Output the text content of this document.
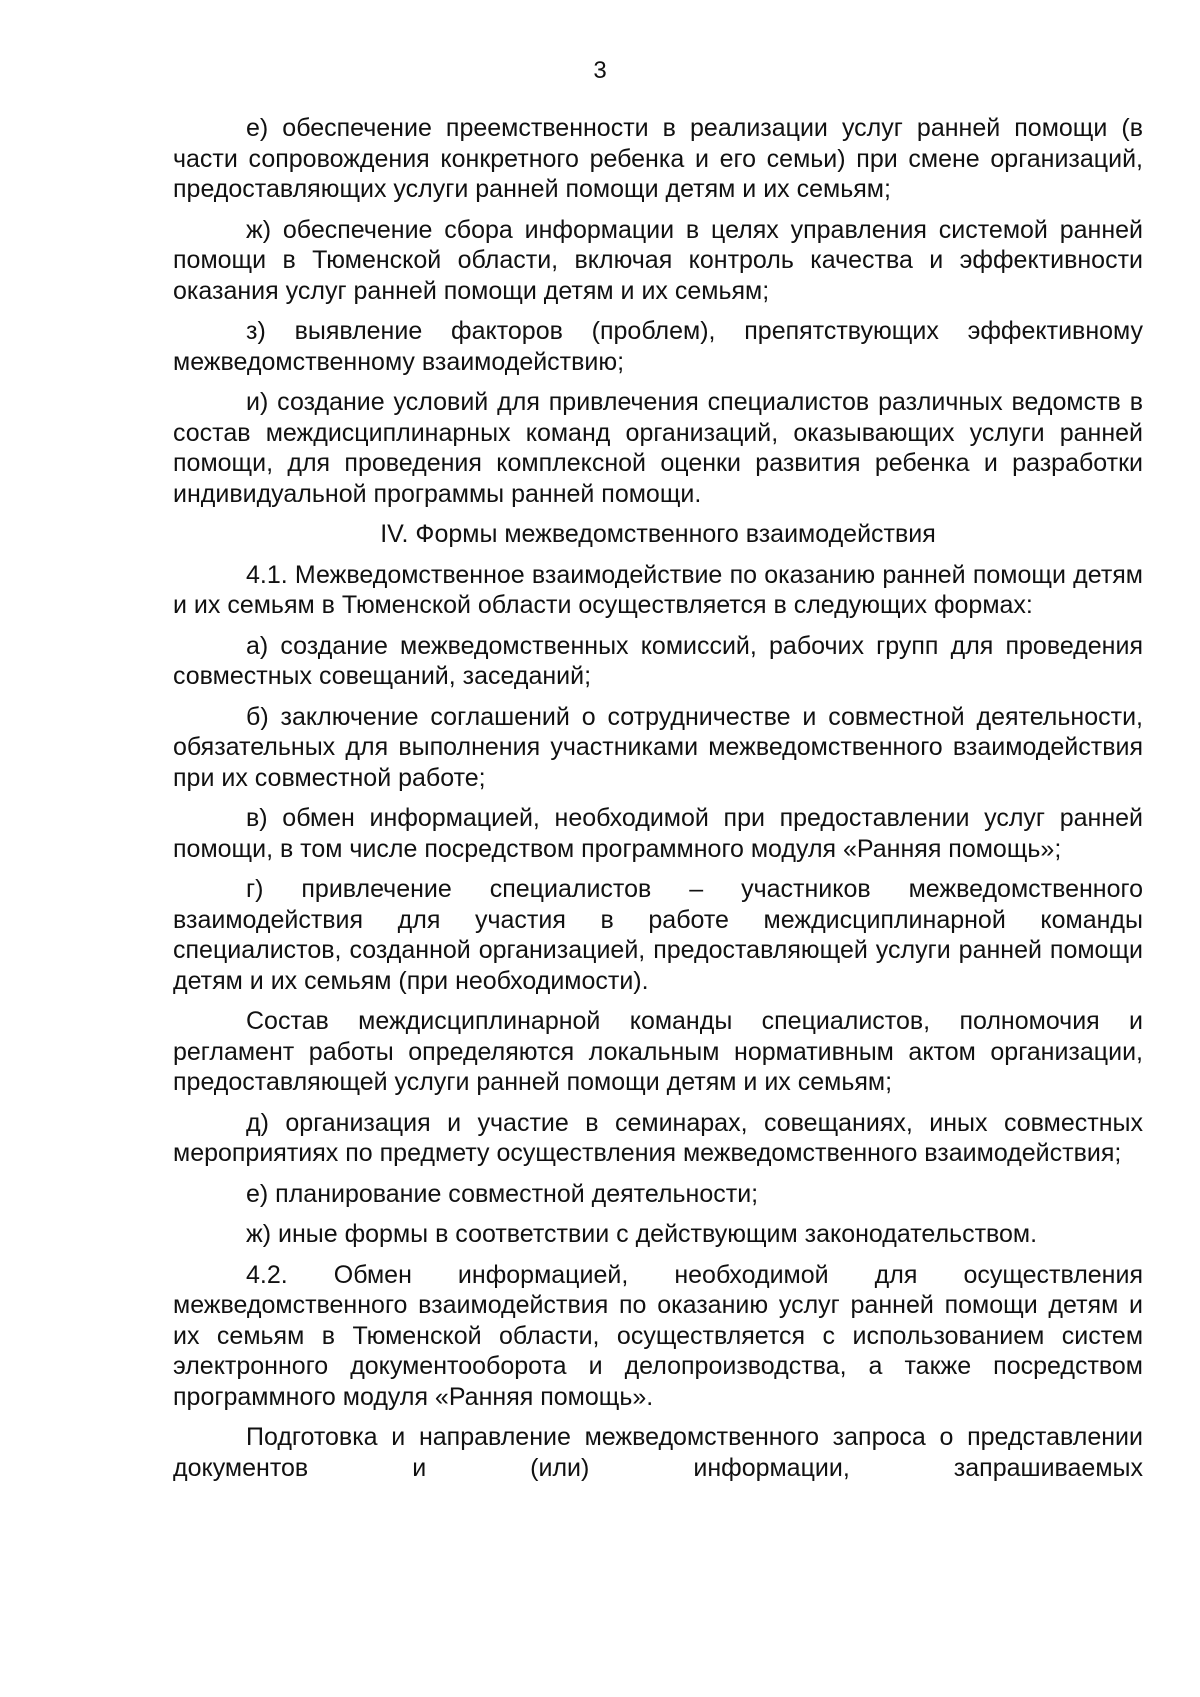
3

е) обеспечение преемственности в реализации услуг ранней помощи (в части сопровождения конкретного ребенка и его семьи) при смене организаций, предоставляющих услуги ранней помощи детям и их семьям;

ж) обеспечение сбора информации в целях управления системой ранней помощи в Тюменской области, включая контроль качества и эффективности оказания услуг ранней помощи детям и их семьям;

з) выявление факторов (проблем), препятствующих эффективному межведомственному взаимодействию;

и) создание условий для привлечения специалистов различных ведомств в состав междисциплинарных команд организаций, оказывающих услуги ранней помощи, для проведения комплексной оценки развития ребенка и разработки индивидуальной программы ранней помощи.

IV. Формы межведомственного взаимодействия

4.1. Межведомственное взаимодействие по оказанию ранней помощи детям и их семьям в Тюменской области осуществляется в следующих формах:

а) создание межведомственных комиссий, рабочих групп для проведения совместных совещаний, заседаний;

б) заключение соглашений о сотрудничестве и совместной деятельности, обязательных для выполнения участниками межведомственного взаимодействия при их совместной работе;

в) обмен информацией, необходимой при предоставлении услуг ранней помощи, в том числе посредством программного модуля «Ранняя помощь»;

г) привлечение специалистов – участников межведомственного взаимодействия для участия в работе междисциплинарной команды специалистов, созданной организацией, предоставляющей услуги ранней помощи детям и их семьям (при необходимости).

Состав междисциплинарной команды специалистов, полномочия и регламент работы определяются локальным нормативным актом организации, предоставляющей услуги ранней помощи детям и их семьям;

д) организация и участие в семинарах, совещаниях, иных совместных мероприятиях по предмету осуществления межведомственного взаимодействия;

е) планирование совместной деятельности;

ж) иные формы в соответствии с действующим законодательством.

4.2. Обмен информацией, необходимой для осуществления межведомственного взаимодействия по оказанию услуг ранней помощи детям и их семьям в Тюменской области, осуществляется с использованием систем электронного документооборота и делопроизводства, а также посредством программного модуля «Ранняя помощь».

Подготовка и направление межведомственного запроса о представлении документов и (или) информации, запрашиваемых
